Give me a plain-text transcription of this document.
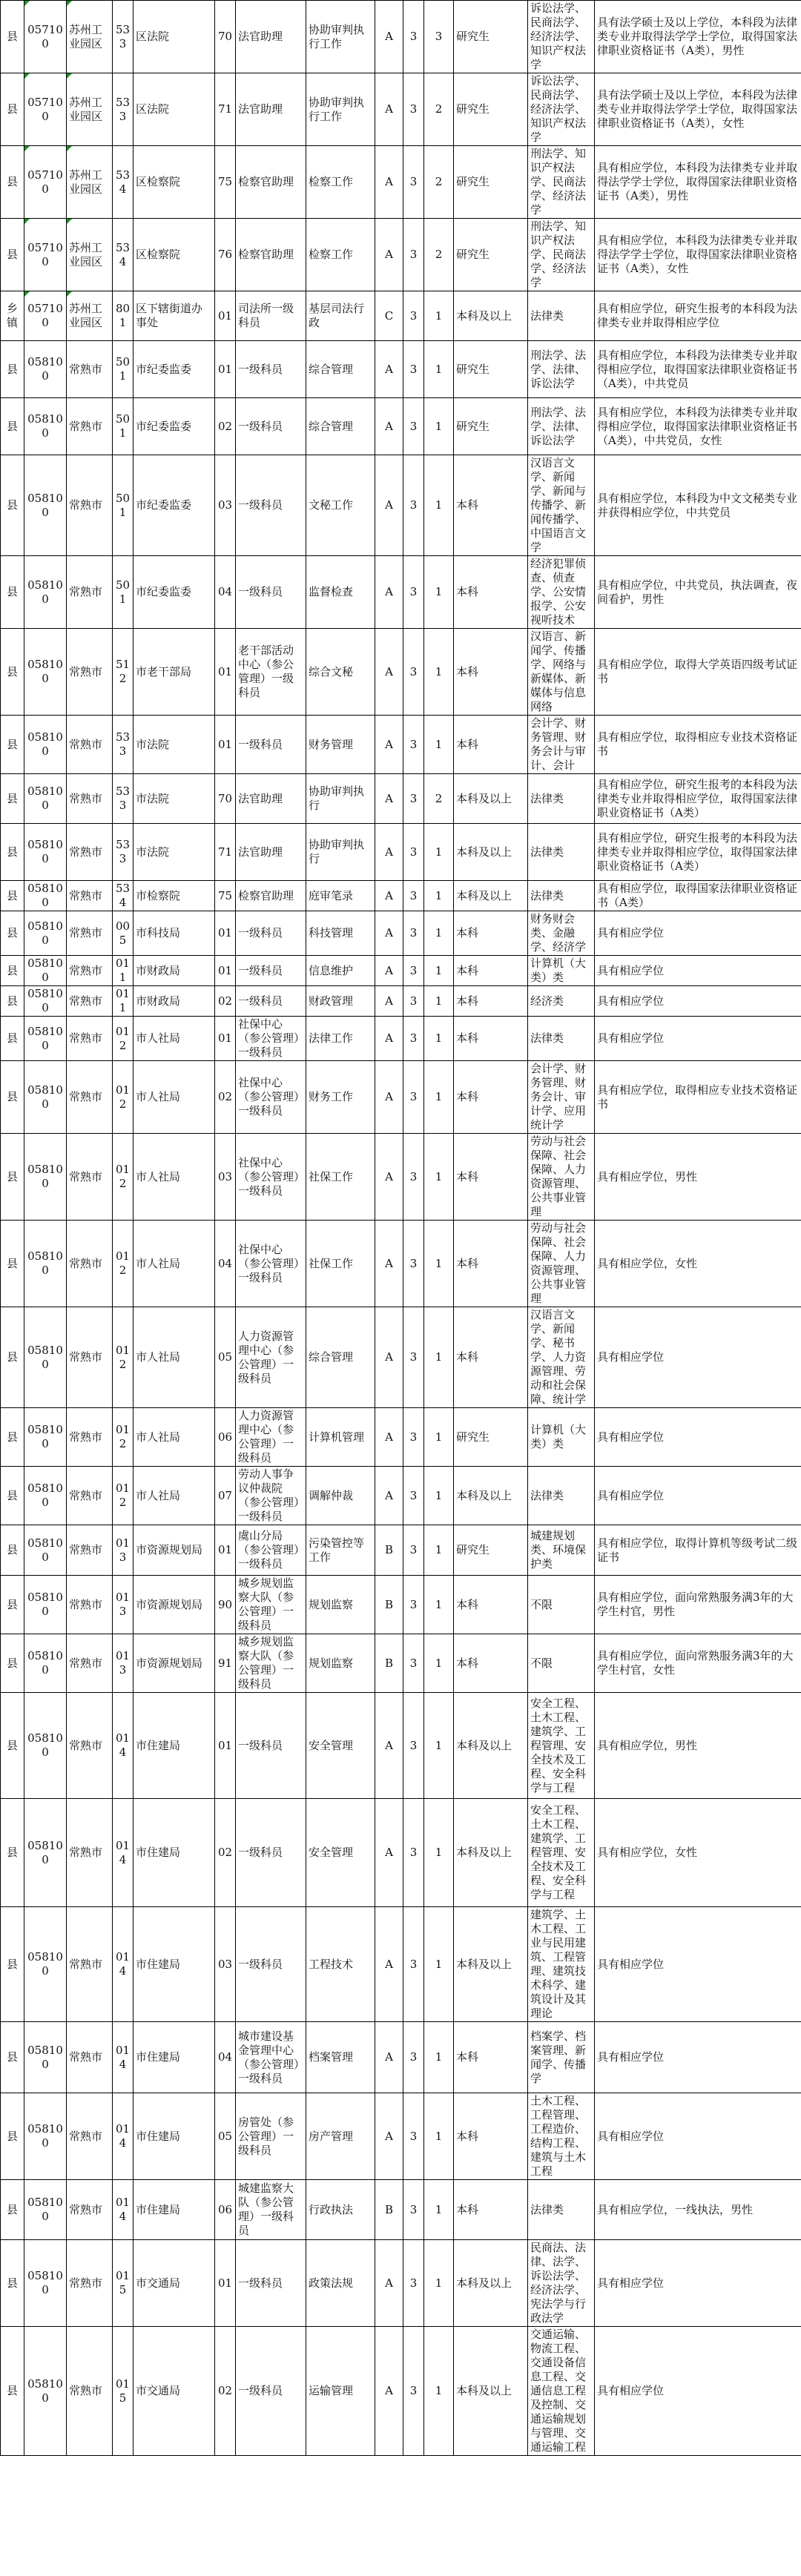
县	057100	苏州工业园区	533	区法院	70	法官助理	协助审判执行工作	A	3	3	研究生	诉讼法学、民商法学、经济法学、知识产权法学	具有法学硕士及以上学位，本科段为法律类专业并取得法学学士学位，取得国家法律职业资格证书（A类），男性
县	057100	苏州工业园区	533	区法院	71	法官助理	协助审判执行工作	A	3	2	研究生	诉讼法学、民商法学、经济法学、知识产权法学	具有法学硕士及以上学位，本科段为法律类专业并取得法学学士学位，取得国家法律职业资格证书（A类），女性
县	057100	苏州工业园区	534	区检察院	75	检察官助理	检察工作	A	3	2	研究生	刑法学、知识产权法学、民商法学、经济法学	具有相应学位，本科段为法律类专业并取得法学学士学位，取得国家法律职业资格证书（A类），男性
县	057100	苏州工业园区	534	区检察院	76	检察官助理	检察工作	A	3	2	研究生	刑法学、知识产权法学、民商法学、经济法学	具有相应学位，本科段为法律类专业并取得法学学士学位，取得国家法律职业资格证书（A类），女性
乡镇	057100	苏州工业园区	801	区下辖街道办事处	01	司法所一级科员	基层司法行政	C	3	1	本科及以上	法律类	具有相应学位，研究生报考的本科段为法律类专业并取得相应学位
县	058100	常熟市	501	市纪委监委	01	一级科员	综合管理	A	3	1	研究生	刑法学、法学、法律、诉讼法学	具有相应学位，本科段为法律类专业并取得相应学位，取得国家法律职业资格证书（A类），中共党员
县	058100	常熟市	501	市纪委监委	02	一级科员	综合管理	A	3	1	研究生	刑法学、法学、法律、诉讼法学	具有相应学位，本科段为法律类专业并取得相应学位，取得国家法律职业资格证书（A类），中共党员，女性
县	058100	常熟市	501	市纪委监委	03	一级科员	文秘工作	A	3	1	本科	汉语言文学、新闻学、新闻与传播学、新闻传播学、中国语言文学	具有相应学位，本科段为中文文秘类专业并获得相应学位，中共党员
县	058100	常熟市	501	市纪委监委	04	一级科员	监督检查	A	3	1	本科	经济犯罪侦查、侦查学、公安情报学、公安视听技术	具有相应学位，中共党员，执法调查，夜间看护，男性
县	058100	常熟市	512	市老干部局	01	老干部活动中心（参公管理）一级科员	综合文秘	A	3	1	本科	汉语言、新闻学、传播学、网络与新媒体、新媒体与信息网络	具有相应学位，取得大学英语四级考试证书
县	058100	常熟市	533	市法院	01	一级科员	财务管理	A	3	1	本科	会计学、财务管理、财务会计与审计、会计	具有相应学位，取得相应专业技术资格证书
县	058100	常熟市	533	市法院	70	法官助理	协助审判执行	A	3	2	本科及以上	法律类	具有相应学位，研究生报考的本科段为法律类专业并取得相应学位，取得国家法律职业资格证书（A类）
县	058100	常熟市	533	市法院	71	法官助理	协助审判执行	A	3	1	本科及以上	法律类	具有相应学位，研究生报考的本科段为法律类专业并取得相应学位，取得国家法律职业资格证书（A类）
县	058100	常熟市	534	市检察院	75	检察官助理	庭审笔录	A	3	1	本科及以上	法律类	具有相应学位，取得国家法律职业资格证书（A类）
县	058100	常熟市	005	市科技局	01	一级科员	科技管理	A	3	1	本科	财务财会类、金融学、经济学	具有相应学位
县	058100	常熟市	011	市财政局	01	一级科员	信息维护	A	3	1	本科	计算机（大类）类	具有相应学位
县	058100	常熟市	011	市财政局	02	一级科员	财政管理	A	3	1	本科	经济类	具有相应学位
县	058100	常熟市	012	市人社局	01	社保中心（参公管理）一级科员	法律工作	A	3	1	本科	法律类	具有相应学位
县	058100	常熟市	012	市人社局	02	社保中心（参公管理）一级科员	财务工作	A	3	1	本科	会计学、财务管理、财务会计、审计学、应用统计学	具有相应学位，取得相应专业技术资格证书
县	058100	常熟市	012	市人社局	03	社保中心（参公管理）一级科员	社保工作	A	3	1	本科	劳动与社会保障、社会保障、人力资源管理、公共事业管理	具有相应学位，男性
县	058100	常熟市	012	市人社局	04	社保中心（参公管理）一级科员	社保工作	A	3	1	本科	劳动与社会保障、社会保障、人力资源管理、公共事业管理	具有相应学位，女性
县	058100	常熟市	012	市人社局	05	人力资源管理中心（参公管理）一级科员	综合管理	A	3	1	本科	汉语言文学、新闻学、秘书学、人力资源管理、劳动和社会保障、统计学	具有相应学位
县	058100	常熟市	012	市人社局	06	人力资源管理中心（参公管理）一级科员	计算机管理	A	3	1	研究生	计算机（大类）类	具有相应学位
县	058100	常熟市	012	市人社局	07	劳动人事争议仲裁院（参公管理）一级科员	调解仲裁	A	3	1	本科及以上	法律类	具有相应学位
县	058100	常熟市	013	市资源规划局	01	虞山分局（参公管理）一级科员	污染管控等工作	B	3	1	研究生	城建规划类、环境保护类	具有相应学位，取得计算机等级考试二级证书
县	058100	常熟市	013	市资源规划局	90	城乡规划监察大队（参公管理）一级科员	规划监察	B	3	1	本科	不限	具有相应学位，面向常熟服务满3年的大学生村官，男性
县	058100	常熟市	013	市资源规划局	91	城乡规划监察大队（参公管理）一级科员	规划监察	B	3	1	本科	不限	具有相应学位，面向常熟服务满3年的大学生村官，女性
县	058100	常熟市	014	市住建局	01	一级科员	安全管理	A	3	1	本科及以上	安全工程、土木工程、建筑学、工程管理、安全技术及工程、安全科学与工程	具有相应学位，男性
县	058100	常熟市	014	市住建局	02	一级科员	安全管理	A	3	1	本科及以上	安全工程、土木工程、建筑学、工程管理、安全技术及工程、安全科学与工程	具有相应学位，女性
县	058100	常熟市	014	市住建局	03	一级科员	工程技术	A	3	1	本科及以上	建筑学、土木工程、工业与民用建筑、工程管理、建筑技术科学、建筑设计及其理论	具有相应学位
县	058100	常熟市	014	市住建局	04	城市建设基金管理中心（参公管理）一级科员	档案管理	A	3	1	本科	档案学、档案管理、新闻学、传播学	具有相应学位
县	058100	常熟市	014	市住建局	05	房管处（参公管理）一级科员	房产管理	A	3	1	本科	土木工程、工程管理、工程造价、结构工程、建筑与土木工程	具有相应学位
县	058100	常熟市	014	市住建局	06	城建监察大队（参公管理）一级科员	行政执法	B	3	1	本科	法律类	具有相应学位，一线执法，男性
县	058100	常熟市	015	市交通局	01	一级科员	政策法规	A	3	1	本科及以上	民商法、法律、法学、诉讼法学、经济法学、宪法学与行政法学	具有相应学位
县	058100	常熟市	015	市交通局	02	一级科员	运输管理	A	3	1	本科及以上	交通运输、物流工程、交通设备信息工程、交通信息工程及控制、交通运输规划与管理、交通运输工程	具有相应学位
